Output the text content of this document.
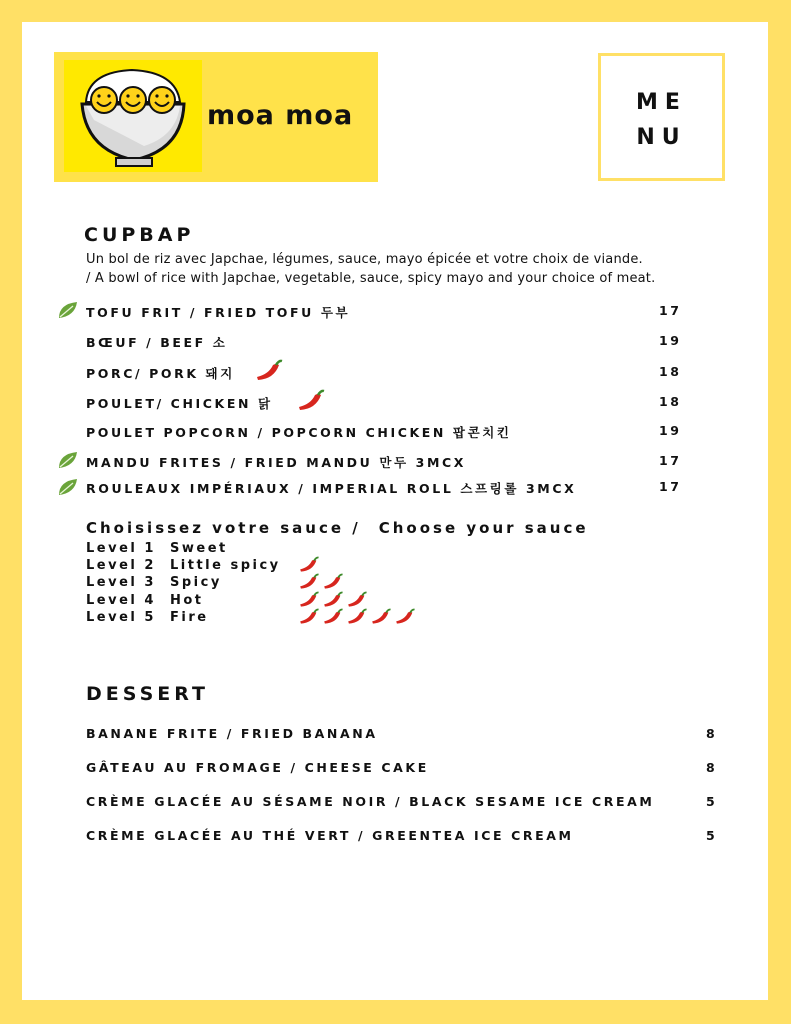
moa moa	ME
NU
CUPBAP
Un bol de riz avec Japchae, légumes, sauce, mayo épicée et votre choix de viande.
/ A bowl of rice with Japchae, vegetable, sauce, spicy mayo and your choice of meat.
TOFU FRIT / FRIED TOFU 두부	17
BŒUF / BEEF 소	19
PORC/ PORK 돼지	18
POULET/ CHICKEN 닭	18
POULET POPCORN / POPCORN CHICKEN 팝콘치킨	19
MANDU FRITES / FRIED MANDU 만두 3MCX	17
ROULEAUX IMPÉRIAUX / IMPERIAL ROLL 스프링롤 3MCX	17
Choisissez votre sauce / Choose your sauce
Level 1 Sweet
Level 2 Little spicy
Level 3 Spicy
Level 4 Hot
Level 5 Fire
DESSERT
BANANE FRITE / FRIED BANANA	8
GÂTEAU AU FROMAGE / CHEESE CAKE	8
CRÈME GLACÉE AU SÉSAME NOIR / BLACK SESAME ICE CREAM	5
CRÈME GLACÉE AU THÉ VERT / GREENTEA ICE CREAM	5
